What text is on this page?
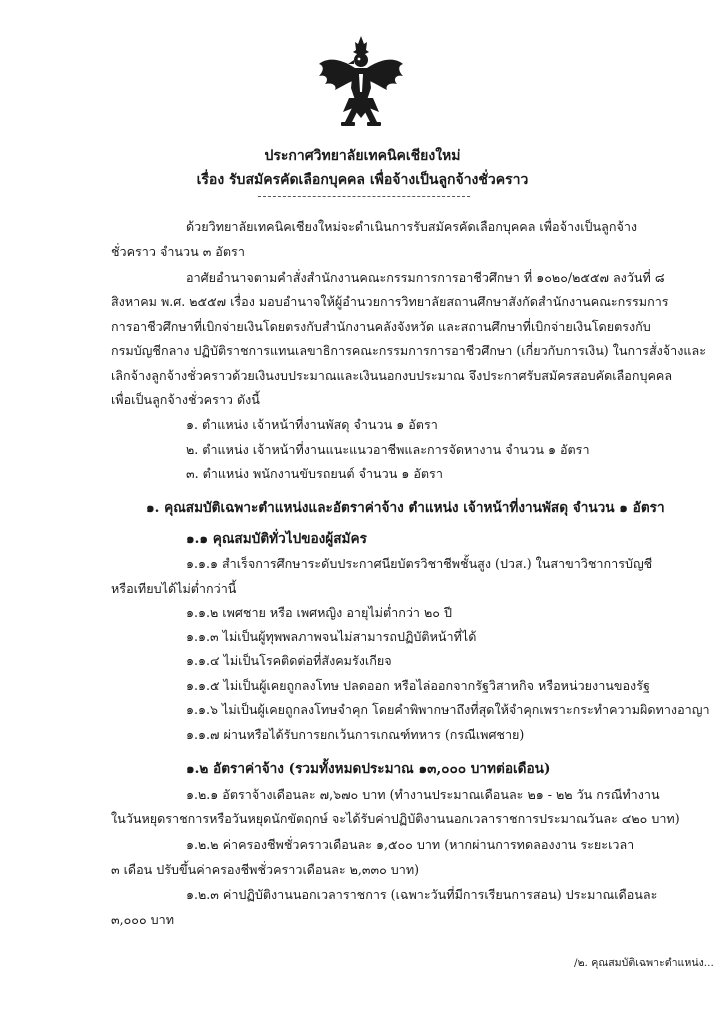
ประกาศวิทยาลัยเทคนิคเชียงใหม่
เรื่อง รับสมัครคัดเลือกบุคคล เพื่อจ้างเป็นลูกจ้างชั่วคราว
ด้วยวิทยาลัยเทคนิคเชียงใหม่จะดำเนินการรับสมัครคัดเลือกบุคคล เพื่อจ้างเป็นลูกจ้าง
ชั่วคราว จำนวน ๓ อัตรา
อาศัยอำนาจตามคำสั่งสำนักงานคณะกรรมการการอาชีวศึกษา ที่ ๑๐๒๐/๒๕๕๗ ลงวันที่ ๘
สิงหาคม พ.ศ. ๒๕๕๗ เรื่อง มอบอำนาจให้ผู้อำนวยการวิทยาลัยสถานศึกษาสังกัดสำนักงานคณะกรรมการ
การอาชีวศึกษาที่เบิกจ่ายเงินโดยตรงกับสำนักงานคลังจังหวัด และสถานศึกษาที่เบิกจ่ายเงินโดยตรงกับ
กรมบัญชีกลาง ปฏิบัติราชการแทนเลขาธิการคณะกรรมการการอาชีวศึกษา (เกี่ยวกับการเงิน) ในการสั่งจ้างและ
เลิกจ้างลูกจ้างชั่วคราวด้วยเงินงบประมาณและเงินนอกงบประมาณ จึงประกาศรับสมัครสอบคัดเลือกบุคคล
เพื่อเป็นลูกจ้างชั่วคราว ดังนี้
๑. ตำแหน่ง เจ้าหน้าที่งานพัสดุ จำนวน ๑ อัตรา
๒. ตำแหน่ง เจ้าหน้าที่งานแนะแนวอาชีพและการจัดหางาน จำนวน ๑ อัตรา
๓. ตำแหน่ง พนักงานขับรถยนต์ จำนวน ๑ อัตรา
๑. คุณสมบัติเฉพาะตำแหน่งและอัตราค่าจ้าง ตำแหน่ง เจ้าหน้าที่งานพัสดุ จำนวน ๑ อัตรา
๑.๑ คุณสมบัติทั่วไปของผู้สมัคร
๑.๑.๑ สำเร็จการศึกษาระดับประกาศนียบัตรวิชาชีพชั้นสูง (ปวส.) ในสาขาวิชาการบัญชี
หรือเทียบได้ไม่ต่ำกว่านี้
๑.๑.๒ เพศชาย หรือ เพศหญิง อายุไม่ต่ำกว่า ๒๐ ปี
๑.๑.๓ ไม่เป็นผู้ทุพพลภาพจนไม่สามารถปฏิบัติหน้าที่ได้
๑.๑.๔ ไม่เป็นโรคติดต่อที่สังคมรังเกียจ
๑.๑.๕ ไม่เป็นผู้เคยถูกลงโทษ ปลดออก หรือไล่ออกจากรัฐวิสาหกิจ หรือหน่วยงานของรัฐ
๑.๑.๖ ไม่เป็นผู้เคยถูกลงโทษจำคุก โดยคำพิพากษาถึงที่สุดให้จำคุกเพราะกระทำความผิดทางอาญา
๑.๑.๗ ผ่านหรือได้รับการยกเว้นการเกณฑ์ทหาร (กรณีเพศชาย)
๑.๒ อัตราค่าจ้าง (รวมทั้งหมดประมาณ ๑๓,๐๐๐ บาทต่อเดือน)
๑.๒.๑ อัตราจ้างเดือนละ ๗,๖๗๐ บาท (ทำงานประมาณเดือนละ ๒๑ - ๒๒ วัน กรณีทำงาน
ในวันหยุดราชการหรือวันหยุดนักขัตฤกษ์ จะได้รับค่าปฏิบัติงานนอกเวลาราชการประมาณวันละ ๔๒๐ บาท)
๑.๒.๒ ค่าครองชีพชั่วคราวเดือนละ ๑,๕๐๐ บาท (หากผ่านการทดลองงาน ระยะเวลา
๓ เดือน ปรับขึ้นค่าครองชีพชั่วคราวเดือนละ ๒,๓๓๐ บาท)
๑.๒.๓ ค่าปฏิบัติงานนอกเวลาราชการ (เฉพาะวันที่มีการเรียนการสอน) ประมาณเดือนละ
๓,๐๐๐ บาท
/๒. คุณสมบัติเฉพาะตำแหน่ง...
